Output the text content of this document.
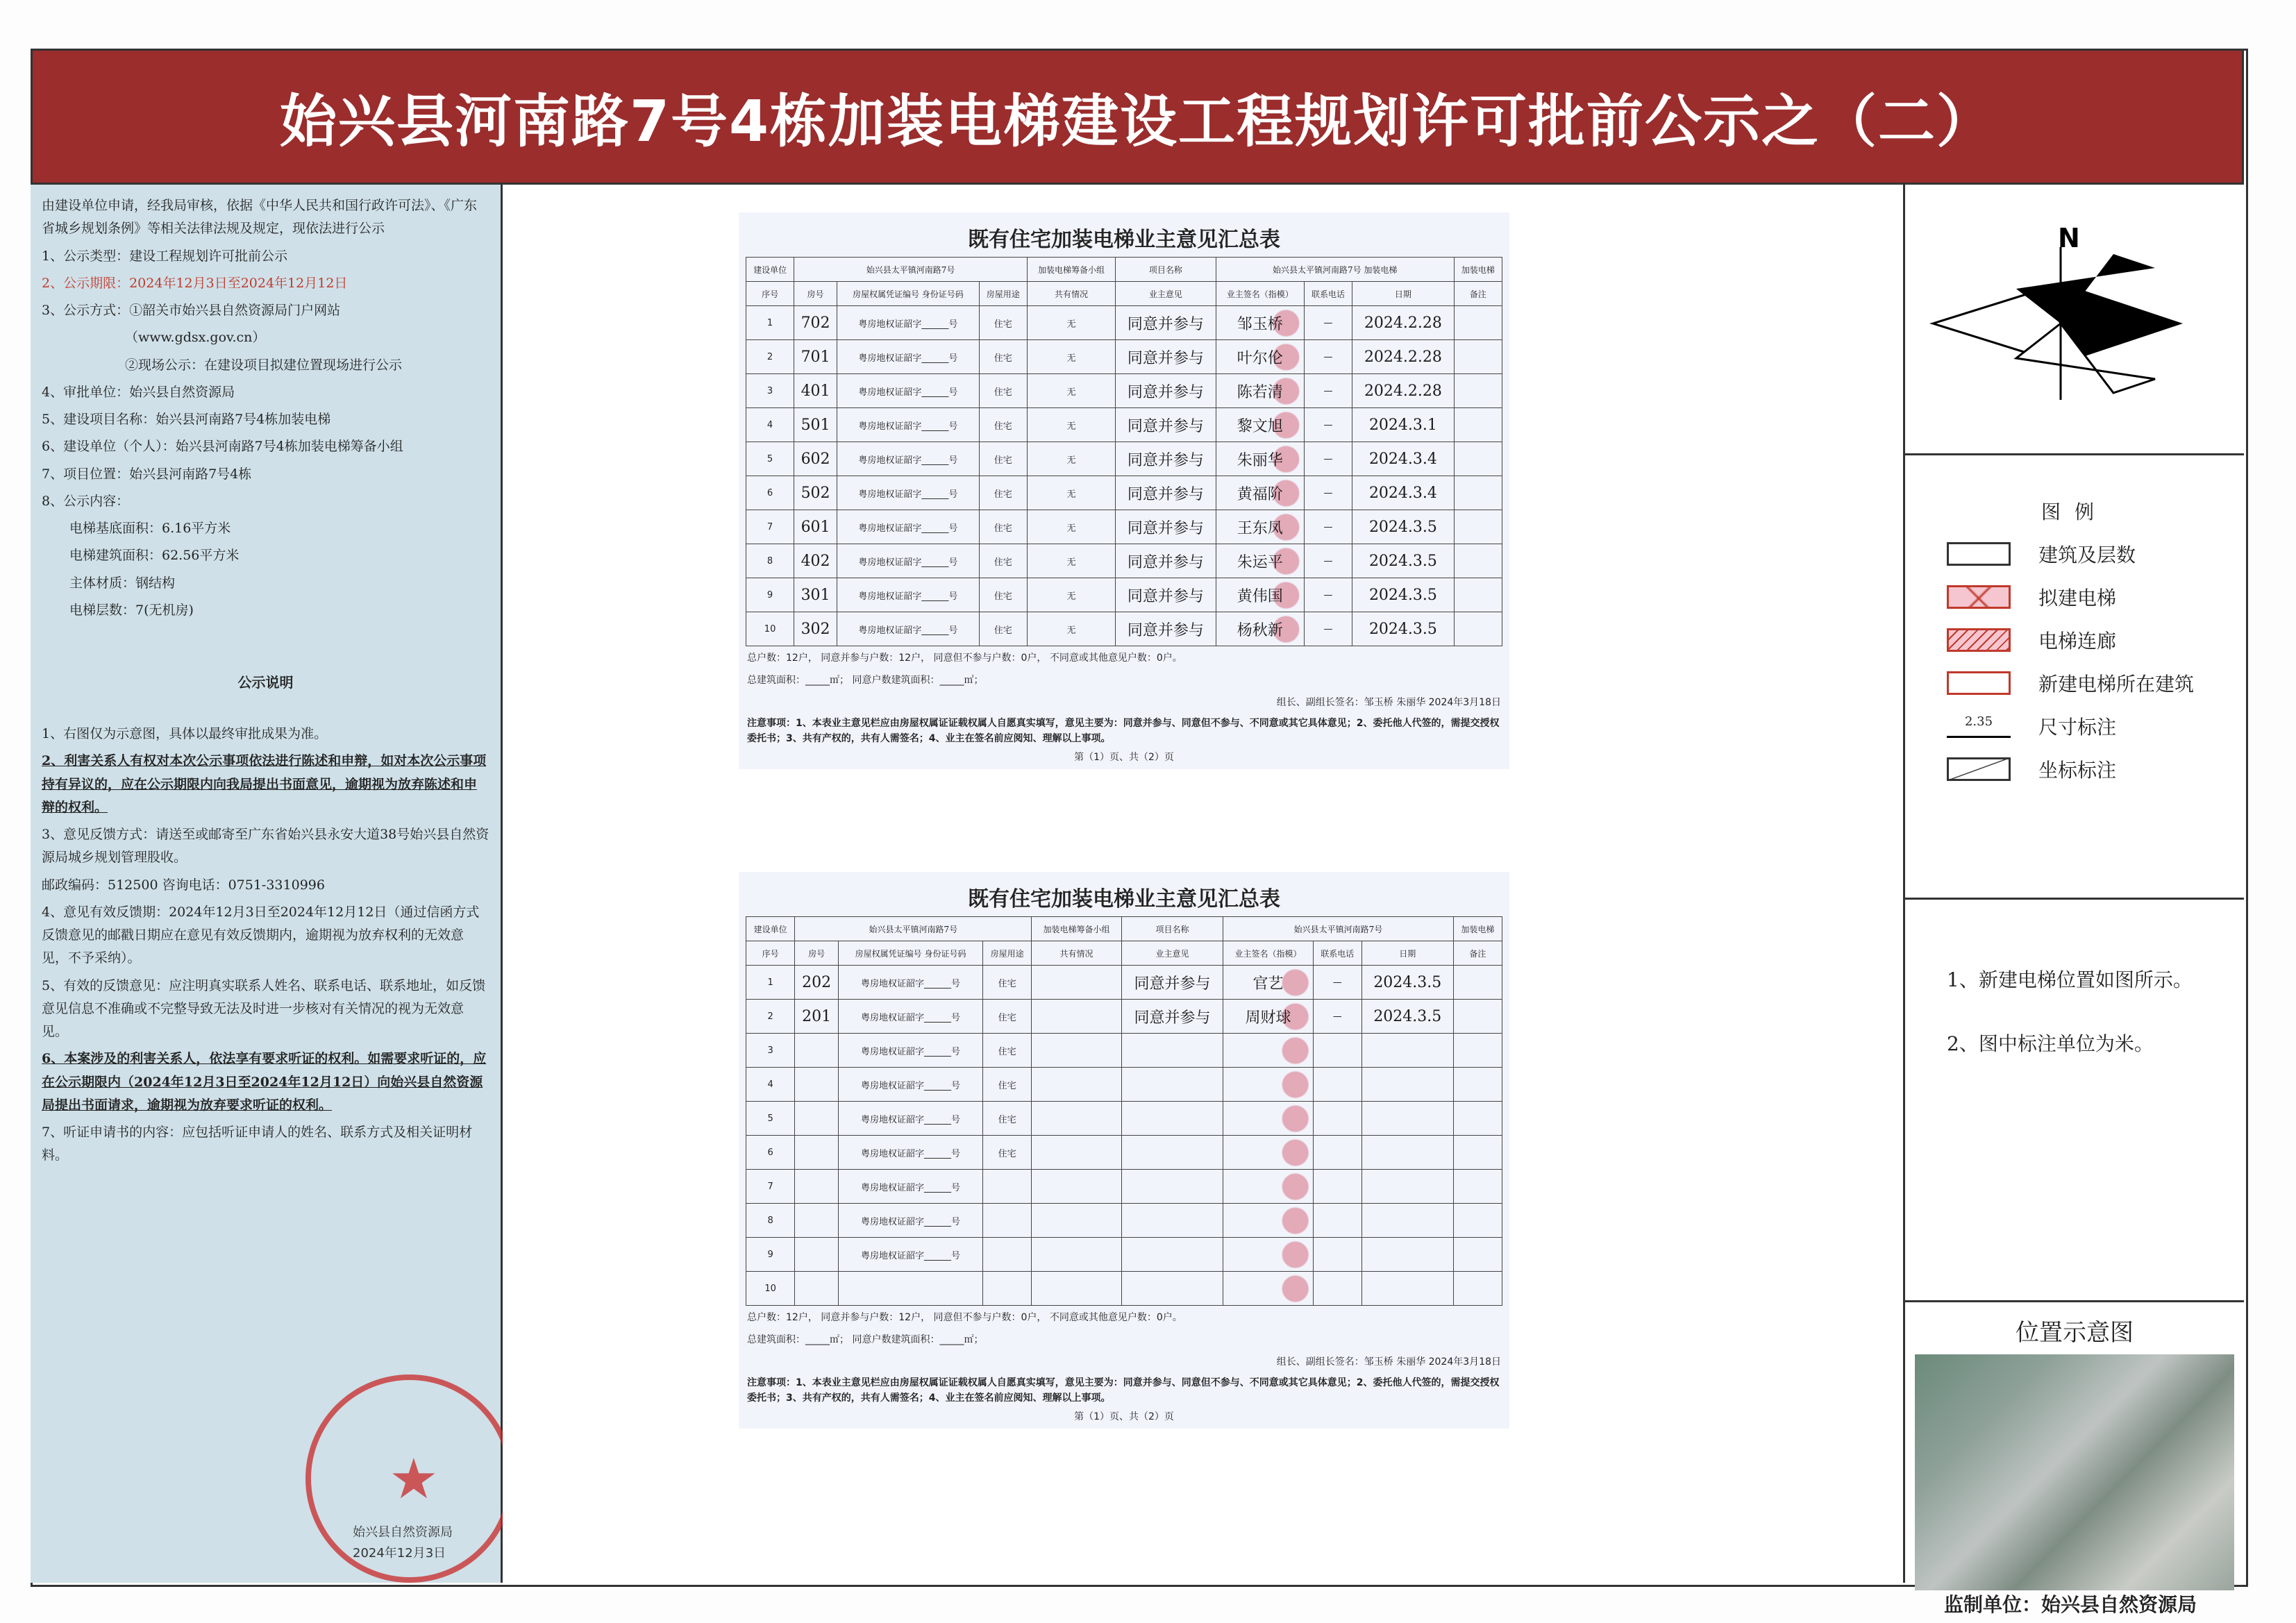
始兴县河南路7号4栋加装电梯建设工程规划许可批前公示之（二）

由建设单位申请，经我局审核，依据《中华人民共和国行政许可法》、《广东省城乡规划条例》等相关法律法规及规定，现依法进行公示

1、公示类型：建设工程规划许可批前公示

2、公示期限：2024年12月3日至2024年12月12日

3、公示方式：①韶关市始兴县自然资源局门户网站

（www.gdsx.gov.cn）

②现场公示：在建设项目拟建位置现场进行公示

4、审批单位：始兴县自然资源局

5、建设项目名称：始兴县河南路7号4栋加装电梯

6、建设单位（个人）：始兴县河南路7号4栋加装电梯筹备小组

7、项目位置：始兴县河南路7号4栋

8、公示内容：

电梯基底面积：6.16平方米

电梯建筑面积：62.56平方米

主体材质：钢结构

电梯层数：7(无机房)

公示说明

1、右图仅为示意图，具体以最终审批成果为准。

2、利害关系人有权对本次公示事项依法进行陈述和申辩，如对本次公示事项持有异议的，应在公示期限内向我局提出书面意见，逾期视为放弃陈述和申辩的权利。

3、意见反馈方式：请送至或邮寄至广东省始兴县永安大道38号始兴县自然资源局城乡规划管理股收。

邮政编码：512500 咨询电话：0751-3310996

4、意见有效反馈期：2024年12月3日至2024年12月12日（通过信函方式反馈意见的邮戳日期应在意见有效反馈期内，逾期视为放弃权利的无效意见，不予采纳）。

5、有效的反馈意见：应注明真实联系人姓名、联系电话、联系地址，如反馈意见信息不准确或不完整导致无法及时进一步核对有关情况的视为无效意见。

6、本案涉及的利害关系人，依法享有要求听证的权利。如需要求听证的，应在公示期限内（2024年12月3日至2024年12月12日）向始兴县自然资源局提出书面请求，逾期视为放弃要求听证的权利。

7、听证申请书的内容：应包括听证申请人的姓名、联系方式及相关证明材料。

★
始兴县自然资源局
2024年12月3日
既有住宅加装电梯业主意见汇总表
建设单位	始兴县太平镇河南路7号			加装电梯筹备小组	项目名称	始兴县太平镇河南路7号 加装电梯			加装电梯
序号	房号	房屋权属凭证编号 身份证号码	房屋用途	共有情况	业主意见	业主签名（指模）	联系电话	日期	备注
1	702	粤房地权证韶字______号	住宅	无	同意并参与	邹玉桥	—	2024.2.28	
2	701	粤房地权证韶字______号	住宅	无	同意并参与	叶尔伦	—	2024.2.28	
3	401	粤房地权证韶字______号	住宅	无	同意并参与	陈若清	—	2024.2.28	
4	501	粤房地权证韶字______号	住宅	无	同意并参与	黎文旭	—	2024.3.1	
5	602	粤房地权证韶字______号	住宅	无	同意并参与	朱丽华	—	2024.3.4	
6	502	粤房地权证韶字______号	住宅	无	同意并参与	黄福阶	—	2024.3.4	
7	601	粤房地权证韶字______号	住宅	无	同意并参与	王东凤	—	2024.3.5	
8	402	粤房地权证韶字______号	住宅	无	同意并参与	朱运平	—	2024.3.5	
9	301	粤房地权证韶字______号	住宅	无	同意并参与	黄伟国	—	2024.3.5	
10	302	粤房地权证韶字______号	住宅	无	同意并参与	杨秋新	—	2024.3.5	
总户数：12户， 同意并参与户数：12户， 同意但不参与户数：0户， 不同意或其他意见户数：0户。
总建筑面积：_____㎡； 同意户数建筑面积：_____㎡；
组长、副组长签名：邹玉桥 朱丽华 2024年3月18日
注意事项：1、本表业主意见栏应由房屋权属证证载权属人自愿真实填写，意见主要为：同意并参与、同意但不参与、不同意或其它具体意见；2、委托他人代签的，需提交授权委托书；3、共有产权的，共有人需签名；4、业主在签名前应阅知、理解以上事项。
第（1）页、共（2）页
既有住宅加装电梯业主意见汇总表
建设单位	始兴县太平镇河南路7号			加装电梯筹备小组	项目名称	始兴县太平镇河南路7号			加装电梯
序号	房号	房屋权属凭证编号 身份证号码	房屋用途	共有情况	业主意见	业主签名（指模）	联系电话	日期	备注
1	202	粤房地权证韶字______号	住宅		同意并参与	官艺	—	2024.3.5	
2	201	粤房地权证韶字______号	住宅		同意并参与	周财球	—	2024.3.5	
3		粤房地权证韶字______号	住宅						
4		粤房地权证韶字______号	住宅						
5		粤房地权证韶字______号	住宅						
6		粤房地权证韶字______号	住宅						
7		粤房地权证韶字______号							
8		粤房地权证韶字______号							
9		粤房地权证韶字______号							
10									
总户数：12户， 同意并参与户数：12户， 同意但不参与户数：0户， 不同意或其他意见户数：0户。
总建筑面积：_____㎡； 同意户数建筑面积：_____㎡；
组长、副组长签名：邹玉桥 朱丽华 2024年3月18日
注意事项：1、本表业主意见栏应由房屋权属证证载权属人自愿真实填写，意见主要为：同意并参与、同意但不参与、不同意或其它具体意见；2、委托他人代签的，需提交授权委托书；3、共有产权的，共有人需签名；4、业主在签名前应阅知、理解以上事项。
第（1）页、共（2）页
N
图例
建筑及层数
拟建电梯
电梯连廊
新建电梯所在建筑
2.35	尺寸标注
坐标标注
1、新建电梯位置如图所示。
2、图中标注单位为米。
位置示意图
监制单位：始兴县自然资源局
